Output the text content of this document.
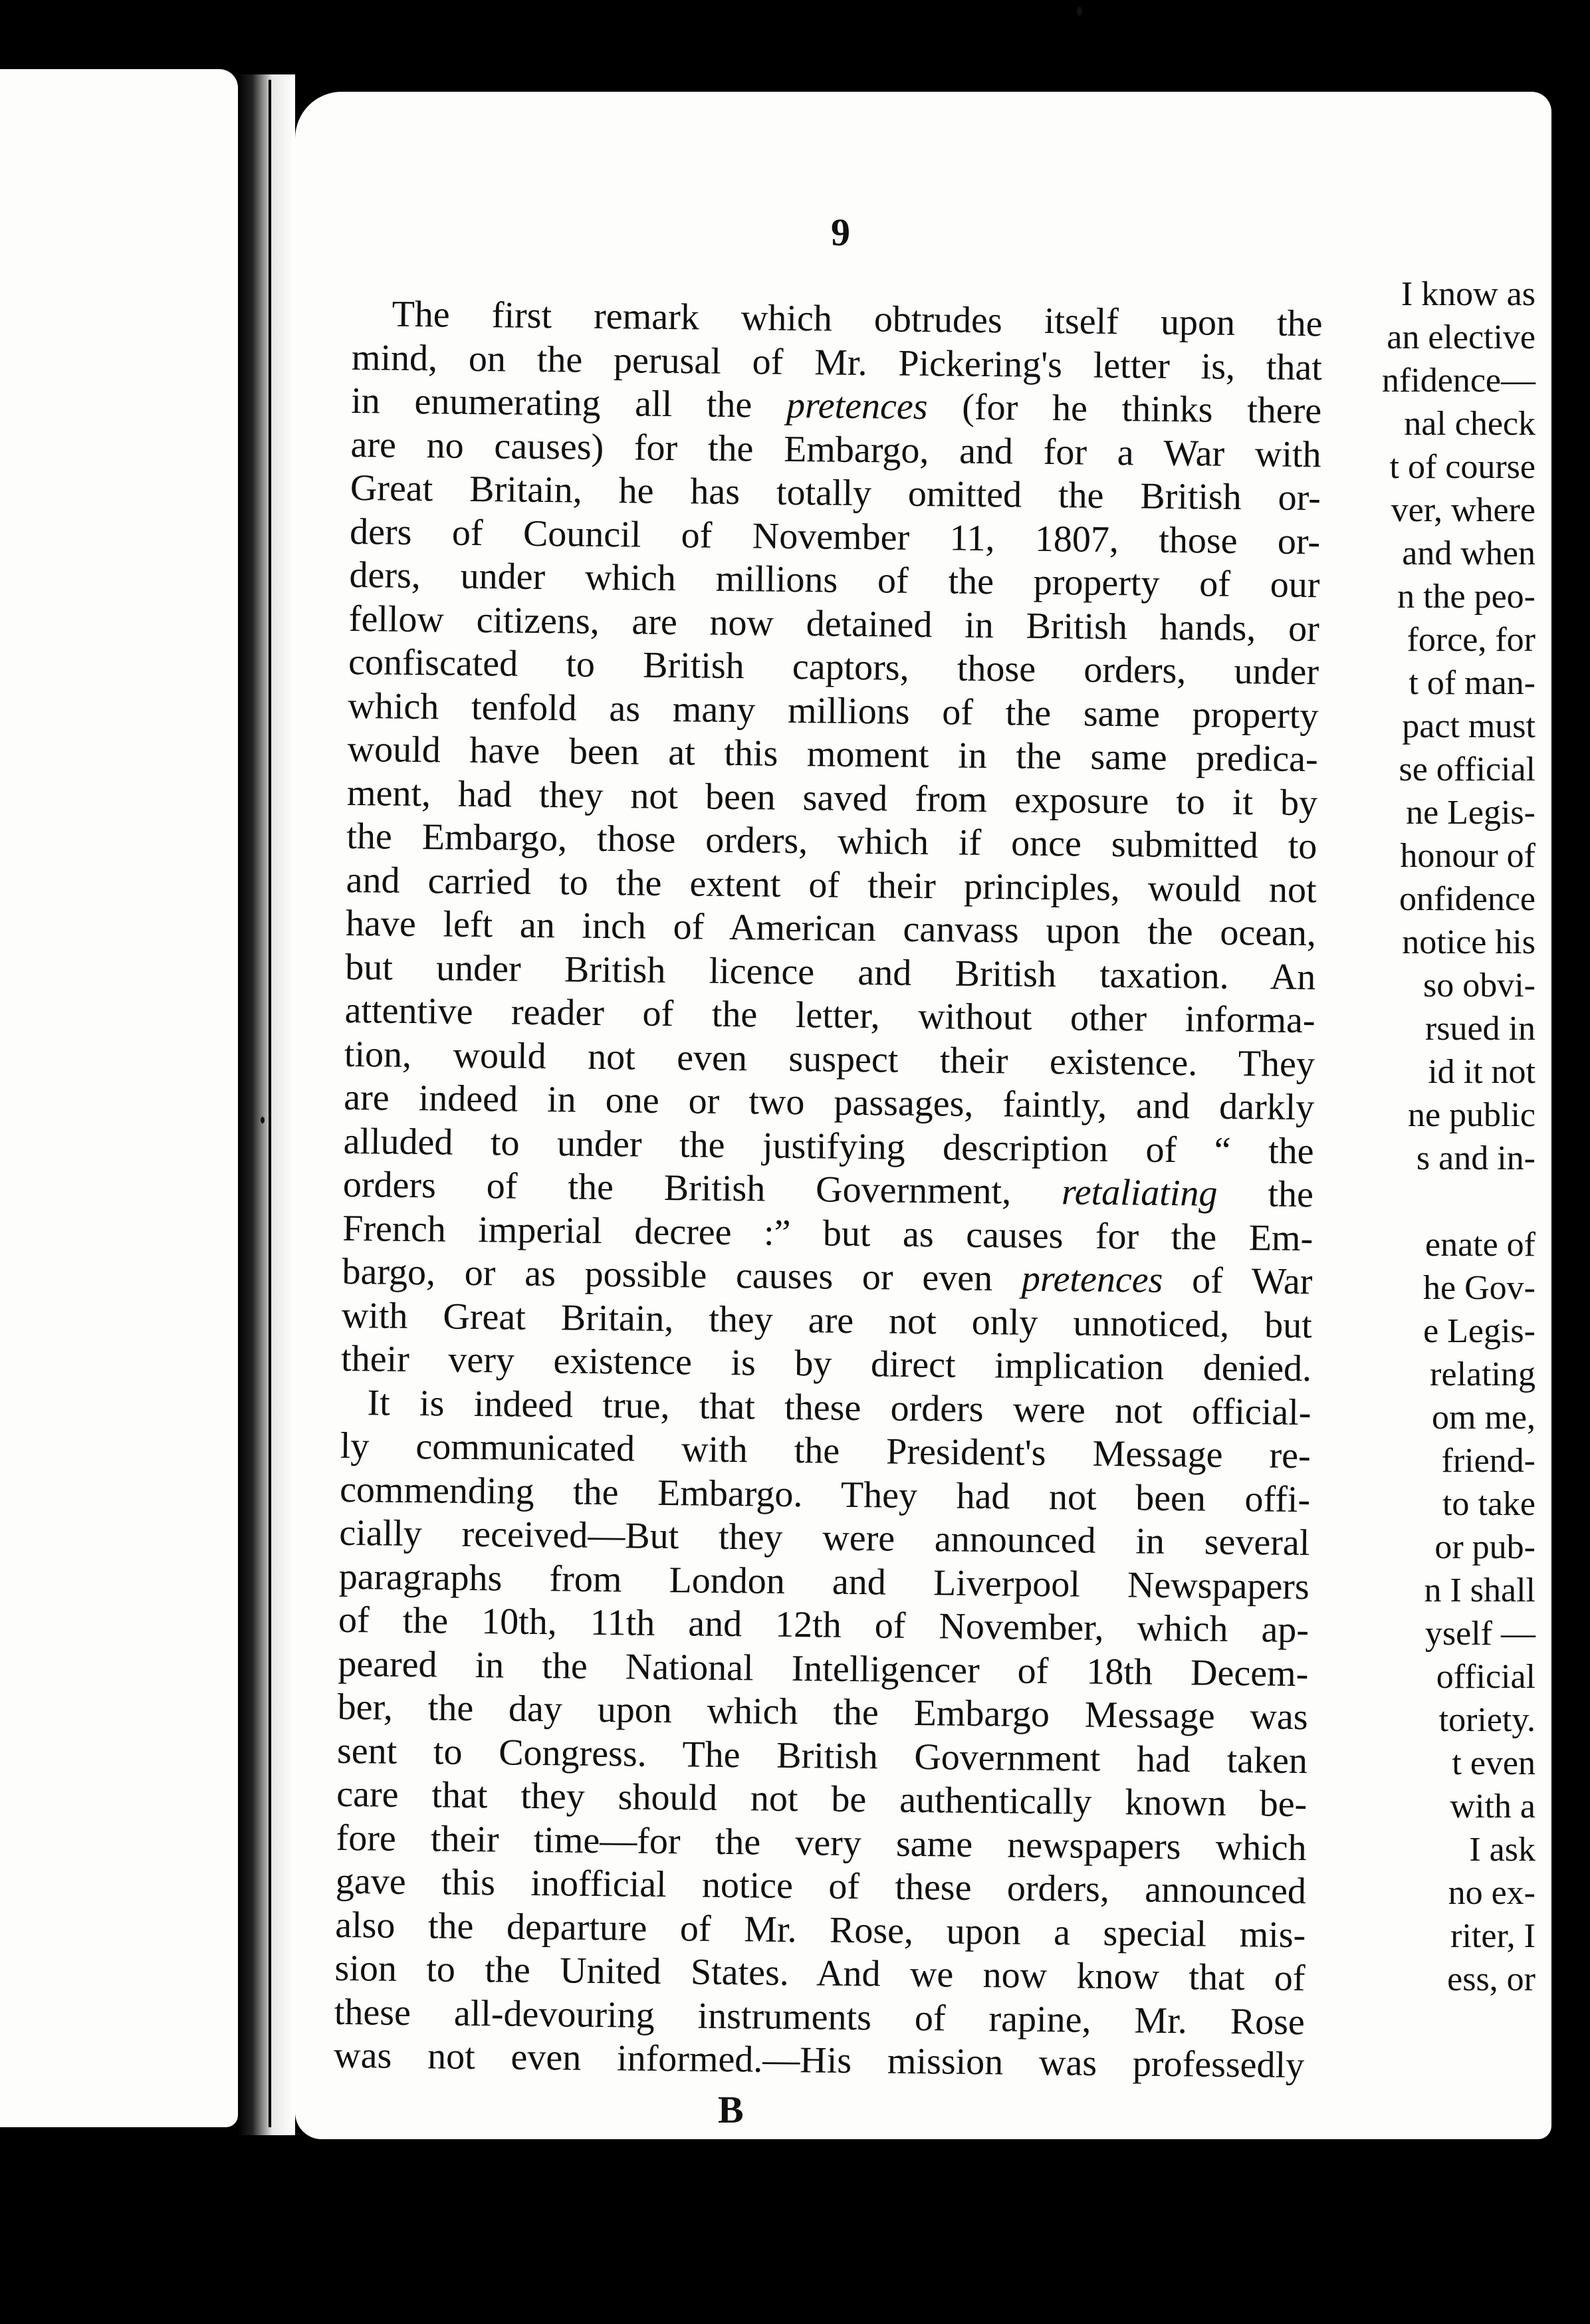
I know as
an elective
nfidence—
nal check
t of course
ver, where
and when
n the peo-
force, for
t of man-
pact must
se official
ne Legis-
honour of
onfidence
notice his
so obvi-
rsued in
id it not
ne public
s and in-
enate of
he Gov-
e Legis-
relating
om me,
friend-
to take
or pub-
n I shall
yself —
official
toriety.
t even
with a
I ask
no ex-
riter, I
ess, or
9
The first remark which obtrudes itself upon the
mind, on the perusal of Mr. Pickering's letter is, that
in enumerating all the pretences (for he thinks there
are no causes) for the Embargo, and for a War with
Great Britain, he has totally omitted the British or-
ders of Council of November 11, 1807, those or-
ders, under which millions of the property of our
fellow citizens, are now detained in British hands, or
confiscated to British captors, those orders, under
which tenfold as many millions of the same property
would have been at this moment in the same predica-
ment, had they not been saved from exposure to it by
the Embargo, those orders, which if once submitted to
and carried to the extent of their principles, would not
have left an inch of American canvass upon the ocean,
but under British licence and British taxation. An
attentive reader of the letter, without other informa-
tion, would not even suspect their existence. They
are indeed in one or two passages, faintly, and darkly
alluded to under the justifying description of “ the
orders of the British Government, retaliating the
French imperial decree :” but as causes for the Em-
bargo, or as possible causes or even pretences of War
with Great Britain, they are not only unnoticed, but
their very existence is by direct implication denied.
It is indeed true, that these orders were not official-
ly communicated with the President's Message re-
commending the Embargo. They had not been offi-
cially received—But they were announced in several
paragraphs from London and Liverpool Newspapers
of the 10th, 11th and 12th of November, which ap-
peared in the National Intelligencer of 18th Decem-
ber, the day upon which the Embargo Message was
sent to Congress. The British Government had taken
care that they should not be authentically known be-
fore their time—for the very same newspapers which
gave this inofficial notice of these orders, announced
also the departure of Mr. Rose, upon a special mis-
sion to the United States. And we now know that of
these all-devouring instruments of rapine, Mr. Rose
was not even informed.—His mission was professedly
B
